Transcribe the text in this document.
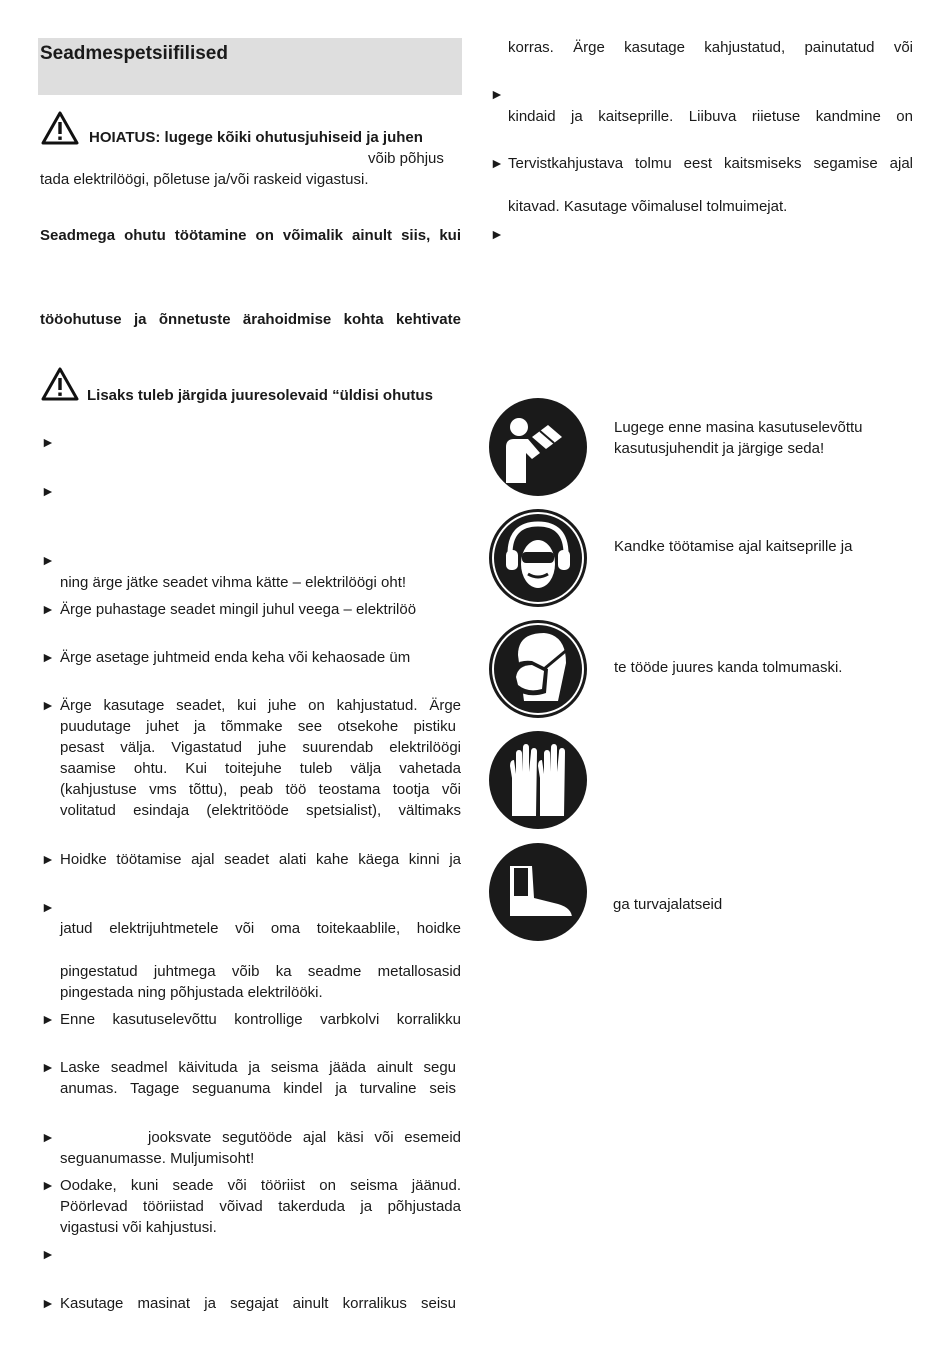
Seadmespetsiifilised
HOIATUS: lugege kõiki ohutusjuhiseid ja juhen
võib põhjus
tada elektrilöögi, põletuse ja/või raskeid vigastusi.
Seadmega ohutu töötamine on võimalik ainult siis, kui
tööohutuse ja õnnetuste ärahoidmise kohta kehtivate
Lisaks tuleb järgida juuresolevaid “üldisi ohutus
►
►
►
ning ärge jätke seadet vihma kätte – elektrilöögi oht!
► Ärge puhastage seadet mingil juhul veega – elektrilöö
► Ärge asetage juhtmeid enda keha või kehaosade üm
► Ärge kasutage seadet, kui juhe on kahjustatud. Ärge
puudutage juhet ja tõmmake see otsekohe pistiku
pesast välja. Vigastatud juhe suurendab elektrilöögi
saamise ohtu. Kui toitejuhe tuleb välja vahetada
(kahjustuse vms tõttu), peab töö teostama tootja või
volitatud esindaja (elektritööde spetsialist), vältimaks
► Hoidke töötamise ajal seadet alati kahe käega kinni ja
►
jatud elektrijuhtmetele või oma toitekaablile, hoidke
pingestatud juhtmega võib ka seadme metallosasid
pingestada ning põhjustada elektrilööki.
► Enne kasutuselevõttu kontrollige varbkolvi korralikku
► Laske seadmel käivituda ja seisma jääda ainult segu
anumas. Tagage seguanuma kindel ja turvaline seis
►	jooksvate segutööde ajal käsi või esemeid
seguanumasse. Muljumisoht!
► Oodake, kuni seade või tööriist on seisma jäänud.
Pöörlevad tööriistad võivad takerduda ja põhjustada
vigastusi või kahjustusi.
►
► Kasutage masinat ja segajat ainult korralikus seisu
korras. Ärge kasutage kahjustatud, painutatud või
►
kindaid ja kaitseprille. Liibuva riietuse kandmine on
► Tervistkahjustava tolmu eest kaitsmiseks segamise ajal
kitavad. Kasutage võimalusel tolmuimejat.
►
Lugege enne masina kasutuselevõttu
kasutusjuhendit ja järgige seda!
Kandke töötamise ajal kaitseprille ja
te tööde juures kanda tolmumaski.
ga turvajalatseid
